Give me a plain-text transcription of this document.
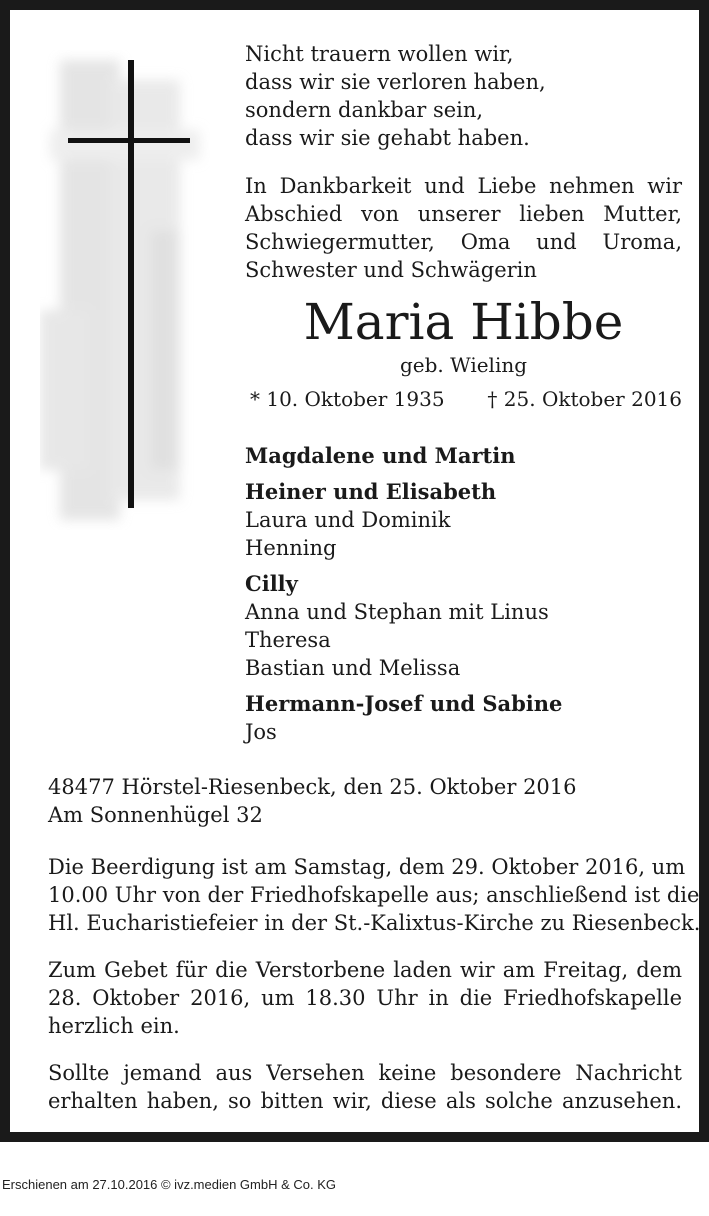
Nicht trauern wollen wir,
dass wir sie verloren haben,
sondern dankbar sein,
dass wir sie gehabt haben.
In Dankbarkeit und Liebe nehmen wir
Abschied von unserer lieben Mutter,
Schwiegermutter, Oma und Uroma,
Schwester und Schwägerin
Maria Hibbe
geb. Wieling
* 10. Oktober 1935 † 25. Oktober 2016
Magdalene und Martin
Heiner und Elisabeth
Laura und Dominik
Henning
Cilly
Anna und Stephan mit Linus
Theresa
Bastian und Melissa
Hermann-Josef und Sabine
Jos
48477 Hörstel-Riesenbeck, den 25. Oktober 2016
Am Sonnenhügel 32
Die Beerdigung ist am Samstag, dem 29. Oktober 2016, um
10.00 Uhr von der Friedhofskapelle aus; anschließend ist die
Hl. Eucharistiefeier in der St.-Kalixtus-Kirche zu Riesenbeck.
Zum Gebet für die Verstorbene laden wir am Freitag, dem
28. Oktober 2016, um 18.30 Uhr in die Friedhofskapelle
herzlich ein.
Sollte jemand aus Versehen keine besondere Nachricht
erhalten haben, so bitten wir, diese als solche anzusehen.
Erschienen am 27.10.2016 © ivz.medien GmbH & Co. KG
